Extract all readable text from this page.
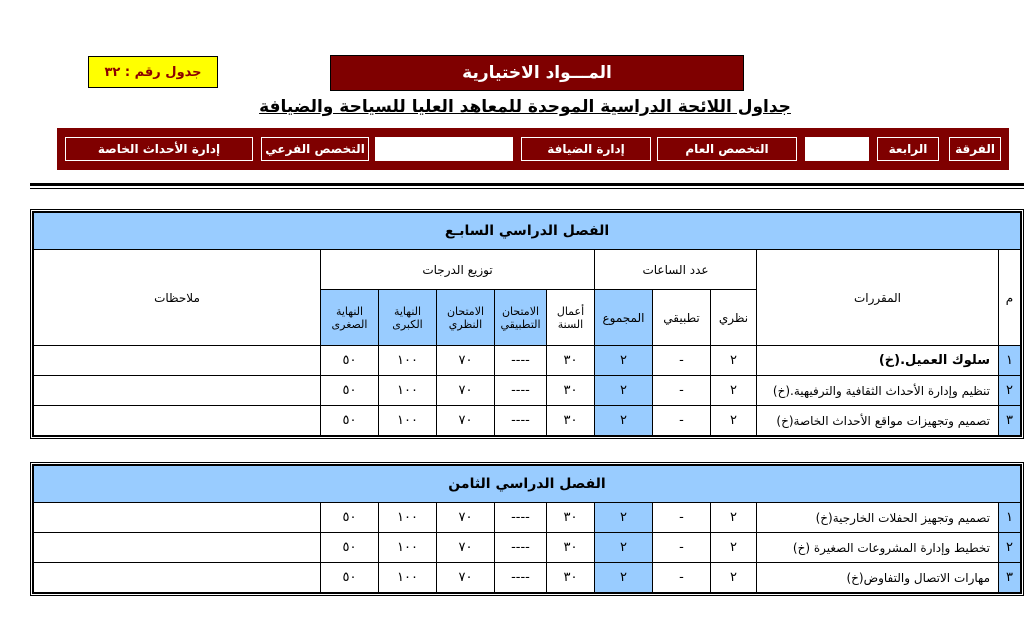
جدول رقم : ٣٢	المـــواد الاختيارية
جداول اللائحة الدراسية الموحدة للمعاهد العليا للسياحة والضيافة
الفرقة
الرابعة
التخصص العام
إدارة الضيافة
التخصص الفرعي
إدارة الأحداث الخاصة
الفصل الدراسي السابـع										
م	المقررات	عدد الساعات			توزيع الدرجات					ملاحظات
		نظري	تطبيقي	المجموع	أعمال السنة	الامتحان التطبيقي	الامتحان النظري	النهاية الكبرى	النهاية الصغرى	
١	سلوك العميل.(خ)	٢	-	٢	٣٠	----	٧٠	١٠٠	٥٠	
٢	تنظيم وإدارة الأحداث الثقافية والترفيهية.(خ)	٢	-	٢	٣٠	----	٧٠	١٠٠	٥٠	
٣	تصميم وتجهيزات مواقع الأحداث الخاصة(خ)	٢	-	٢	٣٠	----	٧٠	١٠٠	٥٠	
الفصل الدراسي الثامن										
١	تصميم وتجهيز الحفلات الخارجية(خ)	٢	-	٢	٣٠	----	٧٠	١٠٠	٥٠	
٢	تخطيط وإدارة المشروعات الصغيرة (خ)	٢	-	٢	٣٠	----	٧٠	١٠٠	٥٠	
٣	مهارات الاتصال والتفاوض(خ)	٢	-	٢	٣٠	----	٧٠	١٠٠	٥٠	
